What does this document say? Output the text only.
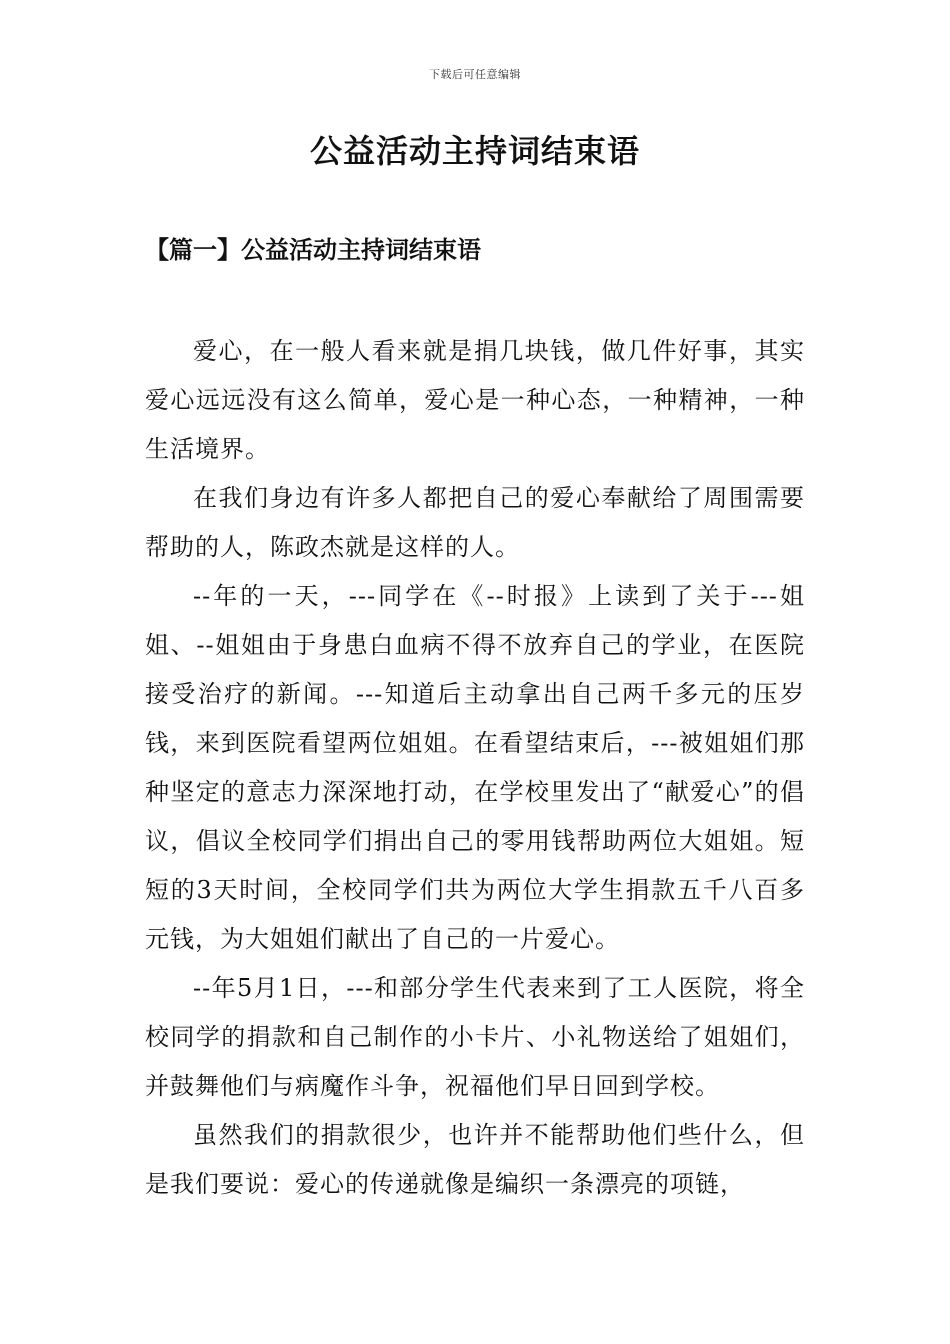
下载后可任意编辑
公益活动主持词结束语
【篇一】公益活动主持词结束语

爱心，在一般人看来就是捐几块钱，做几件好事，其实爱心远远没有这么简单，爱心是一种心态，一种精神，一种生活境界。

在我们身边有许多人都把自己的爱心奉献给了周围需要帮助的人，陈政杰就是这样的人。

--年的一天，---同学在《--时报》上读到了关于---姐姐、--姐姐由于身患白血病不得不放弃自己的学业，在医院接受治疗的新闻。---知道后主动拿出自己两千多元的压岁钱，来到医院看望两位姐姐。在看望结束后，---被姐姐们那种坚定的意志力深深地打动，在学校里发出了“献爱心”的倡议，倡议全校同学们捐出自己的零用钱帮助两位大姐姐。短短的3天时间，全校同学们共为两位大学生捐款五千八百多元钱，为大姐姐们献出了自己的一片爱心。

--年5月1日，---和部分学生代表来到了工人医院，将全校同学的捐款和自己制作的小卡片、小礼物送给了姐姐们，并鼓舞他们与病魔作斗争，祝福他们早日回到学校。

虽然我们的捐款很少，也许并不能帮助他们些什么，但是我们要说：爱心的传递就像是编织一条漂亮的项链，
